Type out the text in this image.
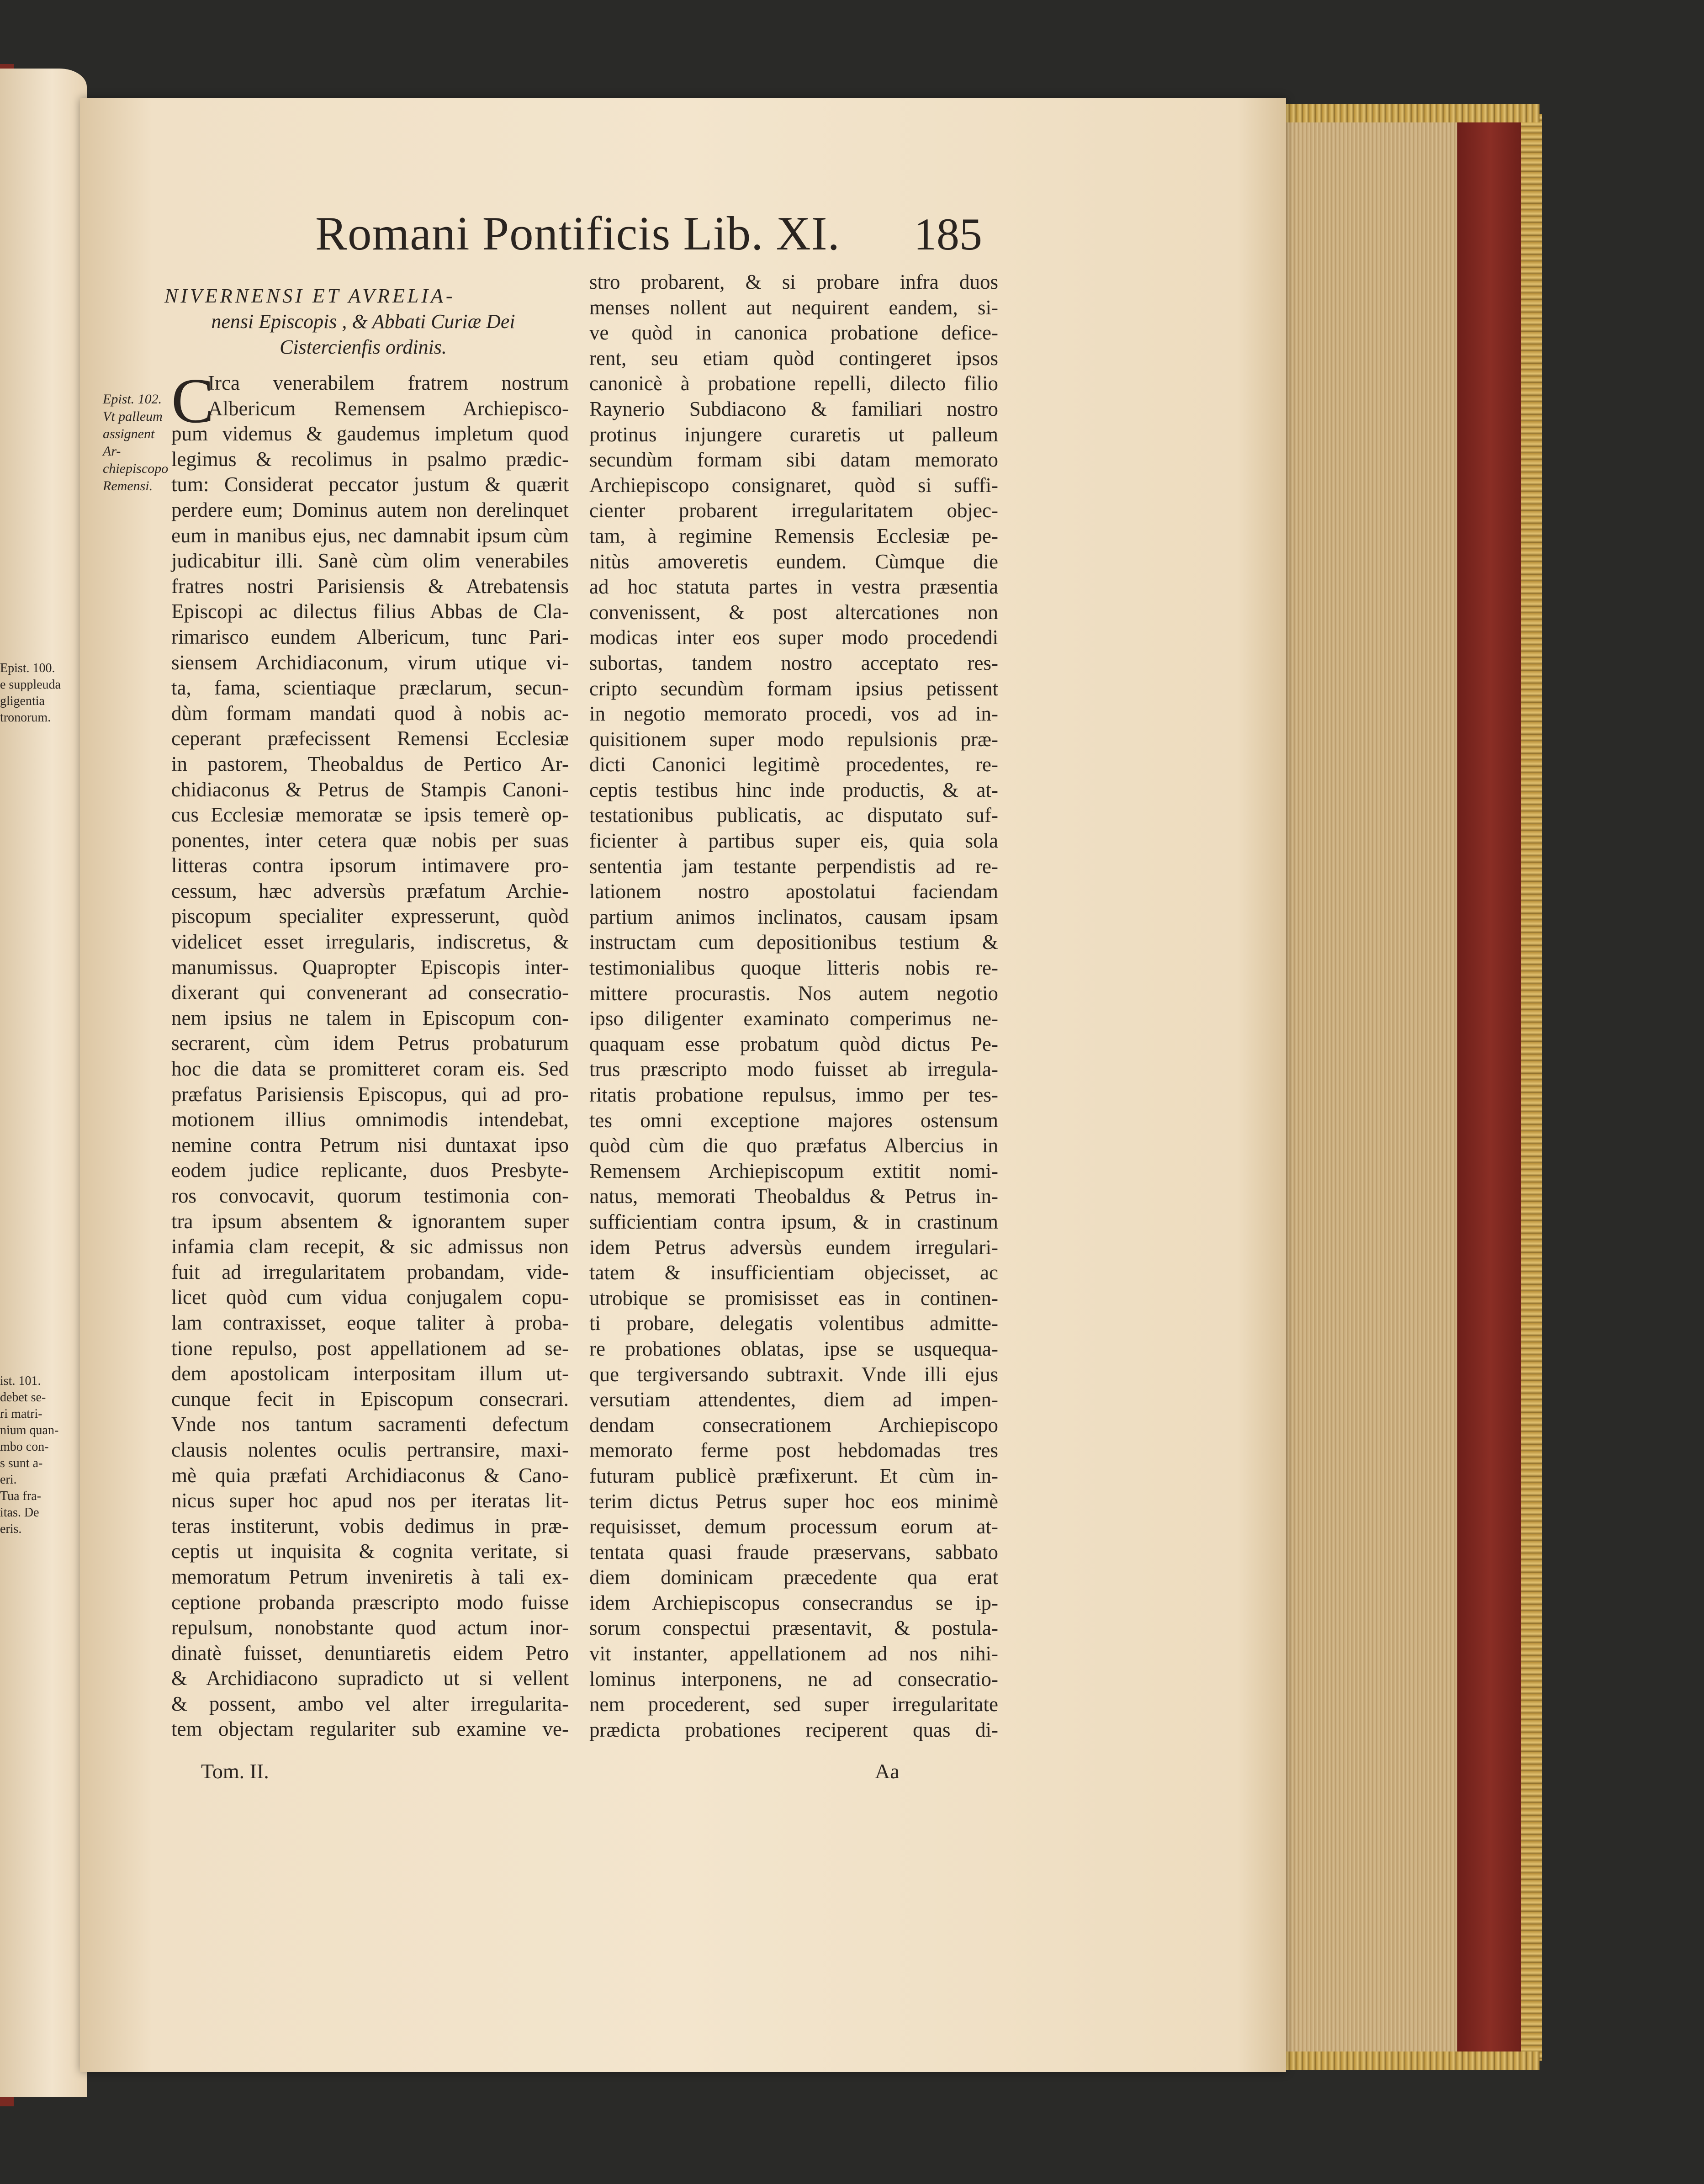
Epist. 100.
e suppleuda
gligentia
tronorum.
ist. 101.
debet se-
ri matri-
nium quan-
mbo con-
s sunt a-
eri.
Tua fra-
itas. De
eris.
Romani Pontificis Lib. XI.	185
NIVERNENSI ET AVRELIA-
nensi Episcopis , & Abbati Curiæ Dei
Cistercienfis ordinis.
Epist. 102.
Vt palleum
assignent Ar-
chiepiscopo
Remensi.
C
Irca venerabilem fratrem nostrum
Albericum Remensem Archiepisco-
pum videmus & gaudemus impletum quod
legimus & recolimus in psalmo prædic-
tum: Considerat peccator justum & quærit
perdere eum; Dominus autem non derelinquet
eum in manibus ejus, nec damnabit ipsum cùm
judicabitur illi. Sanè cùm olim venerabiles
fratres nostri Parisiensis & Atrebatensis
Episcopi ac dilectus filius Abbas de Cla-
rimarisco eundem Albericum, tunc Pari-
siensem Archidiaconum, virum utique vi-
ta, fama, scientiaque præclarum, secun-
dùm formam mandati quod à nobis ac-
ceperant præfecissent Remensi Ecclesiæ
in pastorem, Theobaldus de Pertico Ar-
chidiaconus & Petrus de Stampis Canoni-
cus Ecclesiæ memoratæ se ipsis temerè op-
ponentes, inter cetera quæ nobis per suas
litteras contra ipsorum intimavere pro-
cessum, hæc adversùs præfatum Archie-
piscopum specialiter expresserunt, quòd
videlicet esset irregularis, indiscretus, &
manumissus. Quapropter Episcopis inter-
dixerant qui convenerant ad consecratio-
nem ipsius ne talem in Episcopum con-
secrarent, cùm idem Petrus probaturum
hoc die data se promitteret coram eis. Sed
præfatus Parisiensis Episcopus, qui ad pro-
motionem illius omnimodis intendebat,
nemine contra Petrum nisi duntaxat ipso
eodem judice replicante, duos Presbyte-
ros convocavit, quorum testimonia con-
tra ipsum absentem & ignorantem super
infamia clam recepit, & sic admissus non
fuit ad irregularitatem probandam, vide-
licet quòd cum vidua conjugalem copu-
lam contraxisset, eoque taliter à proba-
tione repulso, post appellationem ad se-
dem apostolicam interpositam illum ut-
cunque fecit in Episcopum consecrari.
Vnde nos tantum sacramenti defectum
clausis nolentes oculis pertransire, maxi-
mè quia præfati Archidiaconus & Cano-
nicus super hoc apud nos per iteratas lit-
teras institerunt, vobis dedimus in præ-
ceptis ut inquisita & cognita veritate, si
memoratum Petrum inveniretis à tali ex-
ceptione probanda præscripto modo fuisse
repulsum, nonobstante quod actum inor-
dinatè fuisset, denuntiaretis eidem Petro
& Archidiacono supradicto ut si vellent
& possent, ambo vel alter irregularita-
tem objectam regulariter sub examine ve-
stro probarent, & si probare infra duos
menses nollent aut nequirent eandem, si-
ve quòd in canonica probatione defice-
rent, seu etiam quòd contingeret ipsos
canonicè à probatione repelli, dilecto filio
Raynerio Subdiacono & familiari nostro
protinus injungere curaretis ut palleum
secundùm formam sibi datam memorato
Archiepiscopo consignaret, quòd si suffi-
cienter probarent irregularitatem objec-
tam, à regimine Remensis Ecclesiæ pe-
nitùs amoveretis eundem. Cùmque die
ad hoc statuta partes in vestra præsentia
convenissent, & post altercationes non
modicas inter eos super modo procedendi
subortas, tandem nostro acceptato res-
cripto secundùm formam ipsius petissent
in negotio memorato procedi, vos ad in-
quisitionem super modo repulsionis præ-
dicti Canonici legitimè procedentes, re-
ceptis testibus hinc inde productis, & at-
testationibus publicatis, ac disputato suf-
ficienter à partibus super eis, quia sola
sententia jam testante perpendistis ad re-
lationem nostro apostolatui faciendam
partium animos inclinatos, causam ipsam
instructam cum depositionibus testium &
testimonialibus quoque litteris nobis re-
mittere procurastis. Nos autem negotio
ipso diligenter examinato comperimus ne-
quaquam esse probatum quòd dictus Pe-
trus præscripto modo fuisset ab irregula-
ritatis probatione repulsus, immo per tes-
tes omni exceptione majores ostensum
quòd cùm die quo præfatus Albercius in
Remensem Archiepiscopum extitit nomi-
natus, memorati Theobaldus & Petrus in-
sufficientiam contra ipsum, & in crastinum
idem Petrus adversùs eundem irregulari-
tatem & insufficientiam objecisset, ac
utrobique se promisisset eas in continen-
ti probare, delegatis volentibus admitte-
re probationes oblatas, ipse se usquequa-
que tergiversando subtraxit. Vnde illi ejus
versutiam attendentes, diem ad impen-
dendam consecrationem Archiepiscopo
memorato ferme post hebdomadas tres
futuram publicè præfixerunt. Et cùm in-
terim dictus Petrus super hoc eos minimè
requisisset, demum processum eorum at-
tentata quasi fraude præservans, sabbato
diem dominicam præcedente qua erat
idem Archiepiscopus consecrandus se ip-
sorum conspectui præsentavit, & postula-
vit instanter, appellationem ad nos nihi-
lominus interponens, ne ad consecratio-
nem procederent, sed super irregularitate
prædicta probationes reciperent quas di-
Tom. II.	Aa
